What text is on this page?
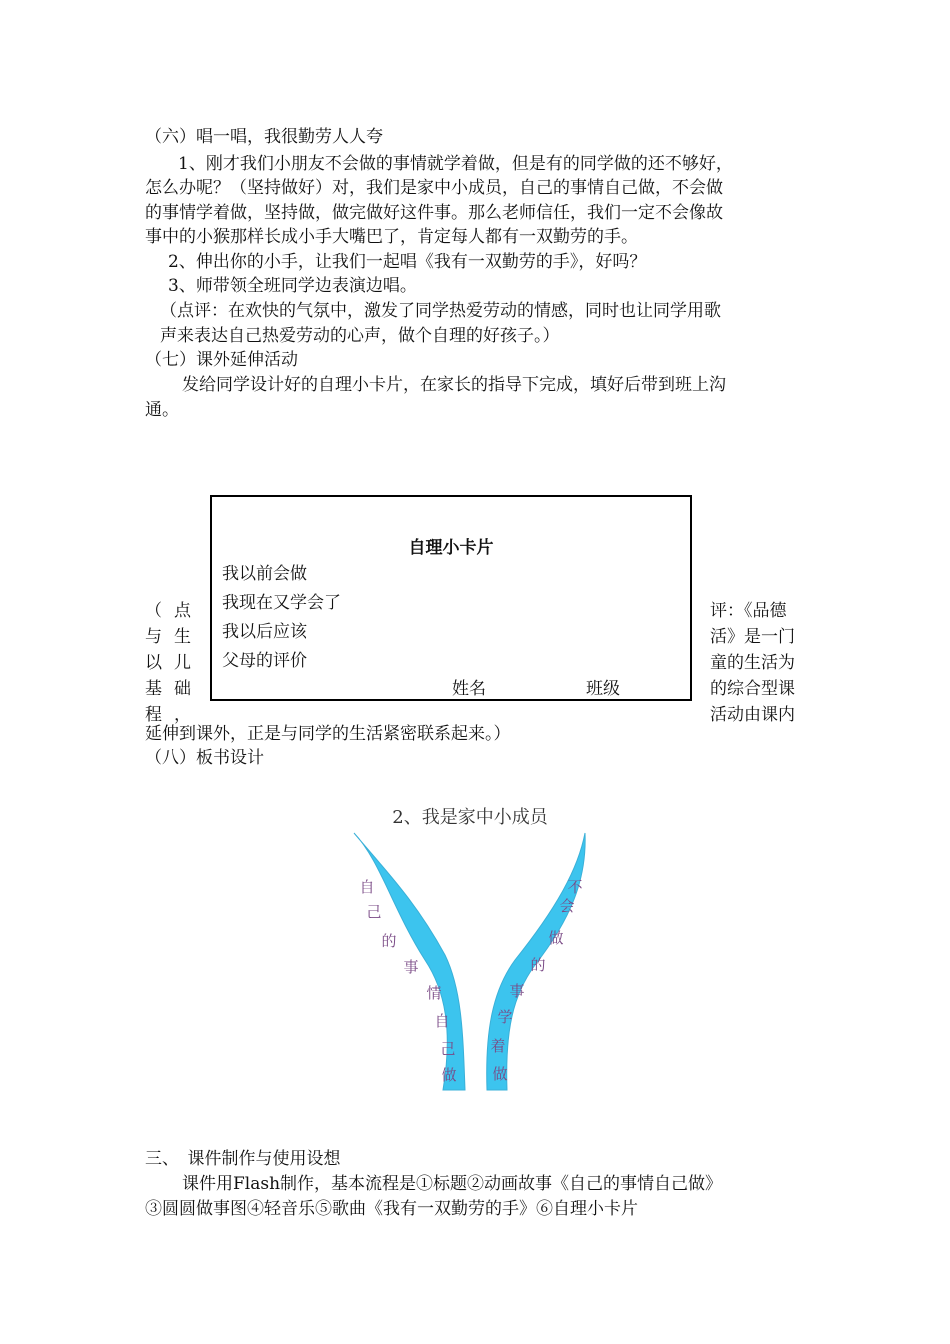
（六）唱一唱，我很勤劳人人夸
1、刚才我们小朋友不会做的事情就学着做，但是有的同学做的还不够好，
怎么办呢？（坚持做好）对，我们是家中小成员，自己的事情自己做，不会做
的事情学着做，坚持做，做完做好这件事。那么老师信任，我们一定不会像故
事中的小猴那样长成小手大嘴巴了，肯定每人都有一双勤劳的手。
2、伸出你的小手，让我们一起唱《我有一双勤劳的手》，好吗？
3、师带领全班同学边表演边唱。
（点评：在欢快的气氛中，激发了同学热爱劳动的情感，同时也让同学用歌
声来表达自己热爱劳动的心声，做个自理的好孩子。）
（七）课外延伸活动
发给同学设计好的自理小卡片，在家长的指导下完成，填好后带到班上沟
通。
自理小卡片
我以前会做
我现在又学会了
我以后应该
父母的评价
姓名	班级
（ 点
与 生
以 儿
基 础
程 ，
评：《品德
活》是一门
童的生活为
的综合型课
活动由课内
延伸到课外，正是与同学的生活紧密联系起来。）
（八）板书设计
2、我是家中小成员
自
己
的
事
情
自
己
做
不
会
做
的
事
学
着
做
三、　课件制作与使用设想
课件用Flash制作，基本流程是①标题②动画故事《自己的事情自己做》
③圆圆做事图④轻音乐⑤歌曲《我有一双勤劳的手》⑥自理小卡片
